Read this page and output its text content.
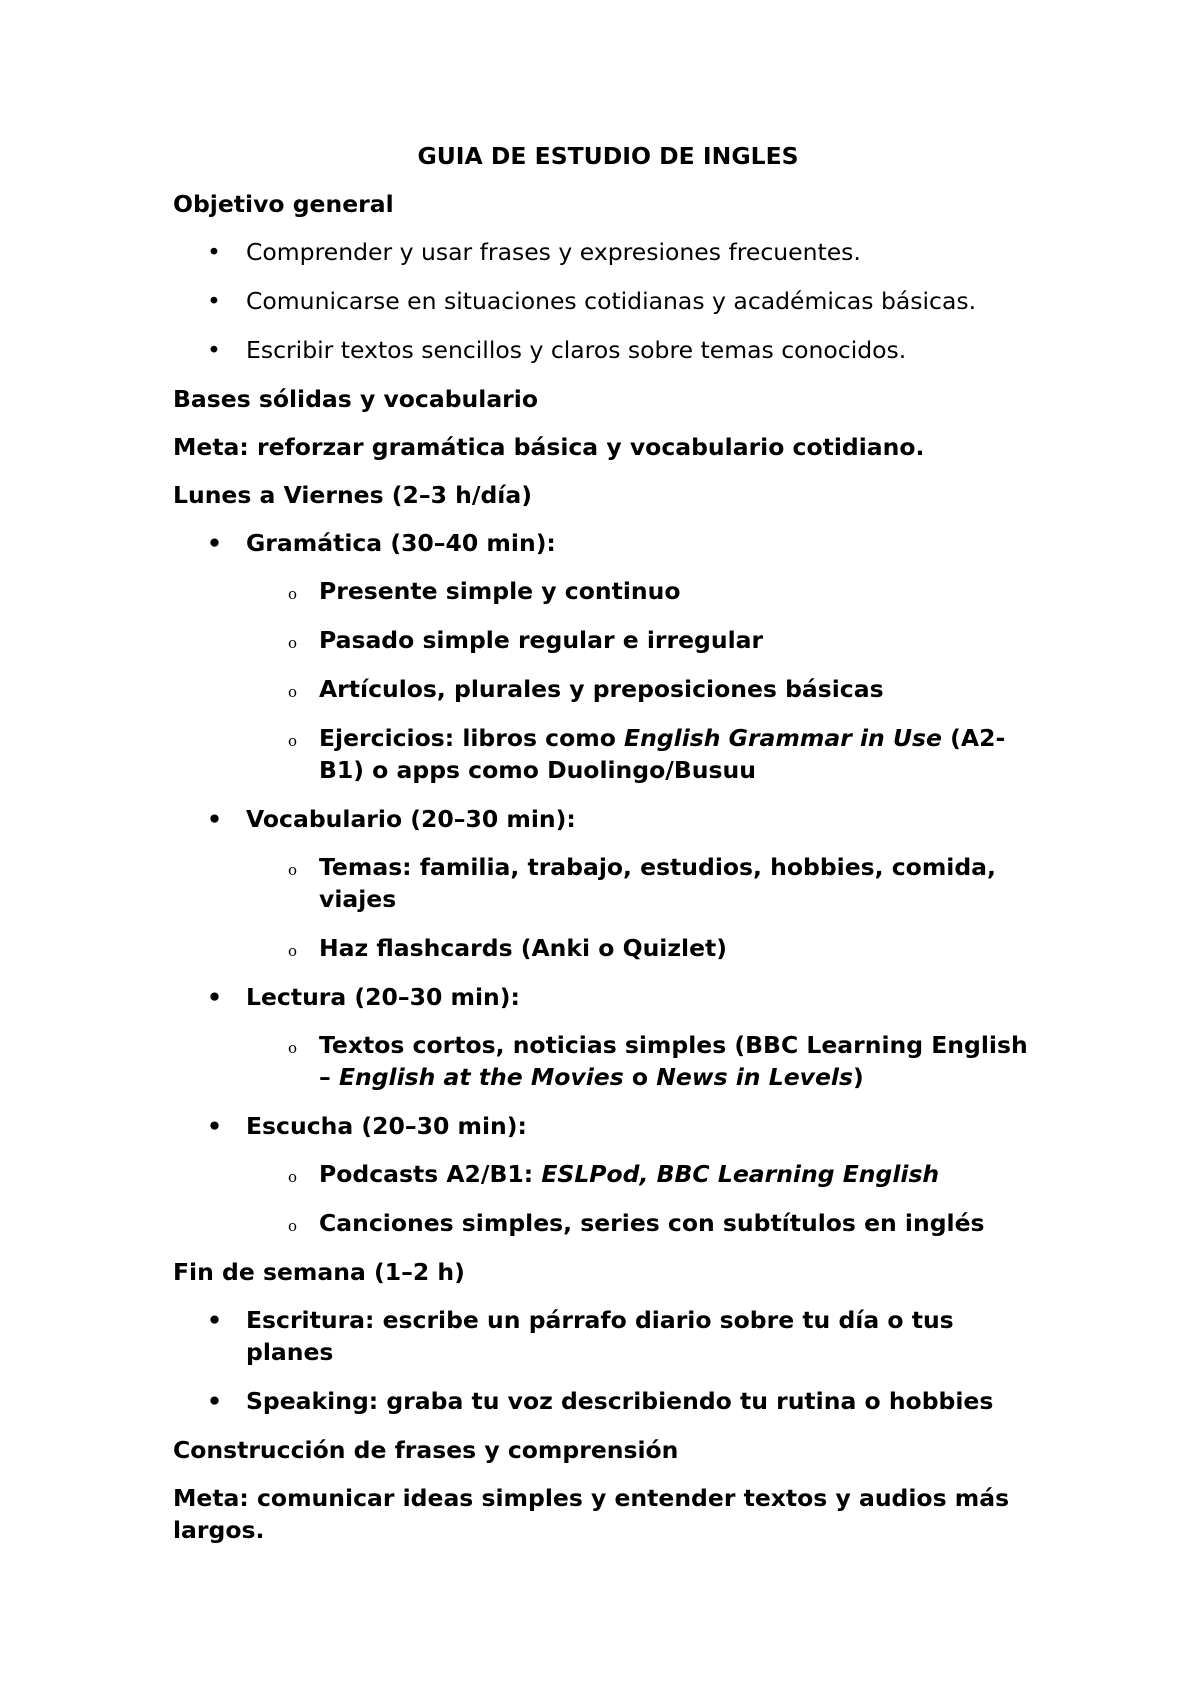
GUIA DE ESTUDIO DE INGLES
Objetivo general
• Comprender y usar frases y expresiones frecuentes.
• Comunicarse en situaciones cotidianas y académicas básicas.
• Escribir textos sencillos y claros sobre temas conocidos.
Bases sólidas y vocabulario
Meta: reforzar gramática básica y vocabulario cotidiano.
Lunes a Viernes (2–3 h/día)
• Gramática (30–40 min):
o Presente simple y continuo
o Pasado simple regular e irregular
o Artículos, plurales y preposiciones básicas
o Ejercicios: libros como English Grammar in Use (A2-B1) o apps como Duolingo/Busuu
• Vocabulario (20–30 min):
o Temas: familia, trabajo, estudios, hobbies, comida, viajes
o Haz flashcards (Anki o Quizlet)
• Lectura (20–30 min):
o Textos cortos, noticias simples (BBC Learning English – English at the Movies o News in Levels)
• Escucha (20–30 min):
o Podcasts A2/B1: ESLPod, BBC Learning English
o Canciones simples, series con subtítulos en inglés
Fin de semana (1–2 h)
• Escritura: escribe un párrafo diario sobre tu día o tus planes
• Speaking: graba tu voz describiendo tu rutina o hobbies
Construcción de frases y comprensión
Meta: comunicar ideas simples y entender textos y audios más largos.
